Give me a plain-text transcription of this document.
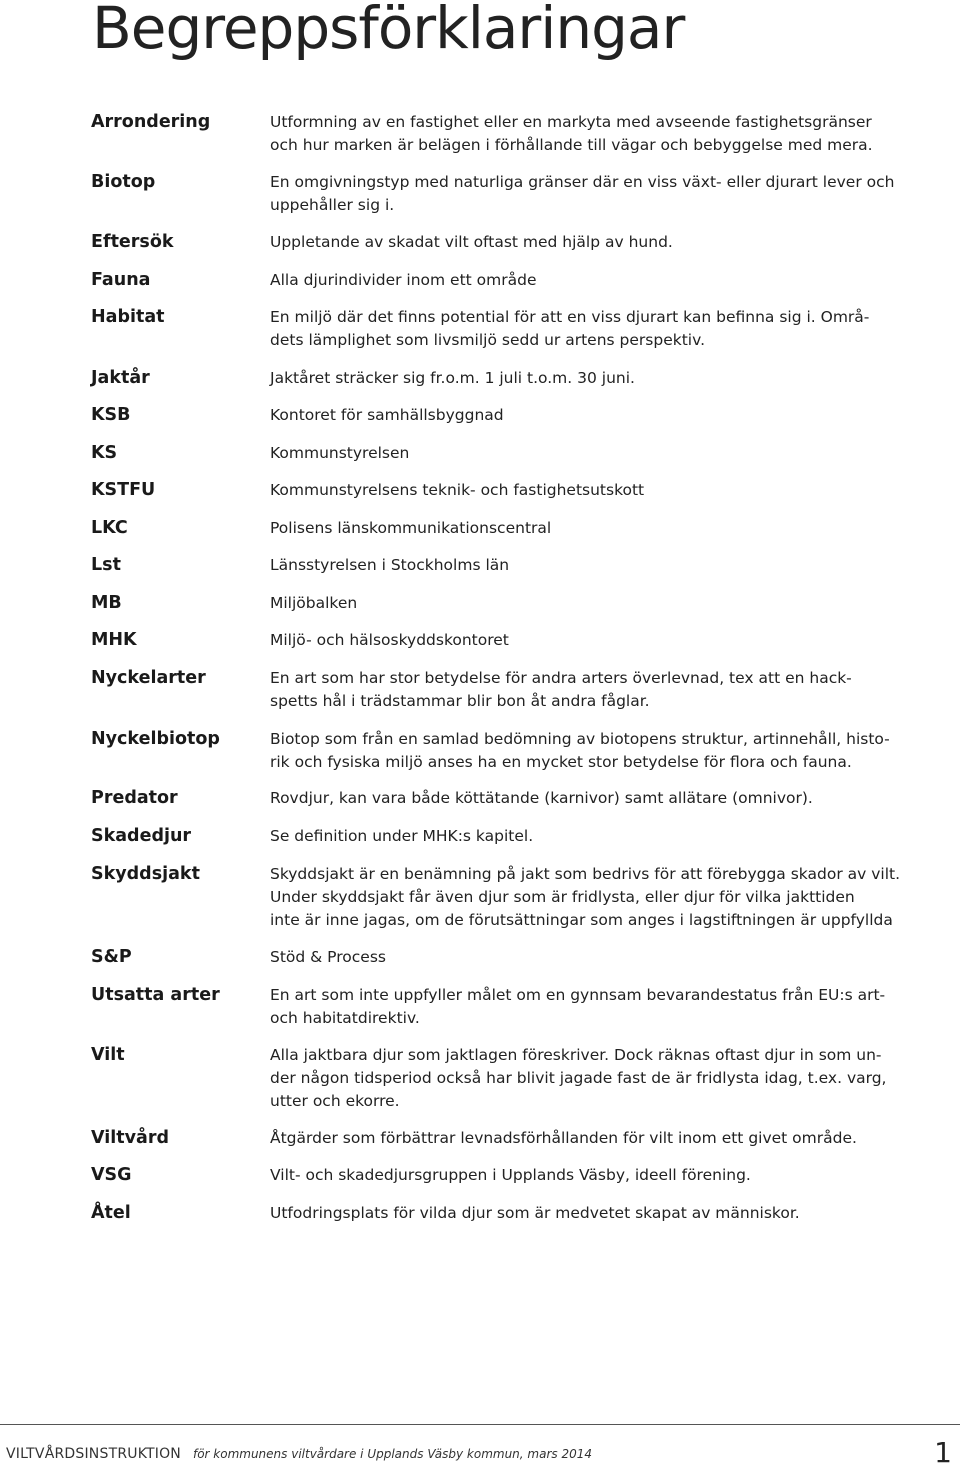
Begreppsförklaringar
Arrondering	Utformning av en fastighet eller en markyta med avseende fastighetsgränser
och hur marken är belägen i förhållande till vägar och bebyggelse med mera.
Biotop	En omgivningstyp med naturliga gränser där en viss växt- eller djurart lever och
uppehåller sig i.
Eftersök	Uppletande av skadat vilt oftast med hjälp av hund.
Fauna	Alla djurindivider inom ett område
Habitat	En miljö där det finns potential för att en viss djurart kan befinna sig i. Områ-
dets lämplighet som livsmiljö sedd ur artens perspektiv.
Jaktår	Jaktåret sträcker sig fr.o.m. 1 juli t.o.m. 30 juni.
KSB	Kontoret för samhällsbyggnad
KS	Kommunstyrelsen
KSTFU	Kommunstyrelsens teknik- och fastighetsutskott
LKC	Polisens länskommunikationscentral
Lst	Länsstyrelsen i Stockholms län
MB	Miljöbalken
MHK	Miljö- och hälsoskyddskontoret
Nyckelarter	En art som har stor betydelse för andra arters överlevnad, tex att en hack-
spetts hål i trädstammar blir bon åt andra fåglar.
Nyckelbiotop	Biotop som från en samlad bedömning av biotopens struktur, artinnehåll, histo-
rik och fysiska miljö anses ha en mycket stor betydelse för flora och fauna.
Predator	Rovdjur, kan vara både köttätande (karnivor) samt allätare (omnivor).
Skadedjur	Se definition under MHK:s kapitel.
Skyddsjakt	Skyddsjakt är en benämning på jakt som bedrivs för att förebygga skador av vilt.
Under skyddsjakt får även djur som är fridlysta, eller djur för vilka jakttiden
inte är inne jagas, om de förutsättningar som anges i lagstiftningen är uppfyllda
S&P	Stöd & Process
Utsatta arter	En art som inte uppfyller målet om en gynnsam bevarandestatus från EU:s art-
och habitatdirektiv.
Vilt	Alla jaktbara djur som jaktlagen föreskriver. Dock räknas oftast djur in som un-
der någon tidsperiod också har blivit jagade fast de är fridlysta idag, t.ex. varg,
utter och ekorre.
Viltvård	Åtgärder som förbättrar levnadsförhållanden för vilt inom ett givet område.
VSG	Vilt- och skadedjursgruppen i Upplands Väsby, ideell förening.
Åtel	Utfodringsplats för vilda djur som är medvetet skapat av människor.
VILTVÅRDSINSTRUKTION för kommunens viltvårdare i Upplands Väsby kommun, mars 2014	1
